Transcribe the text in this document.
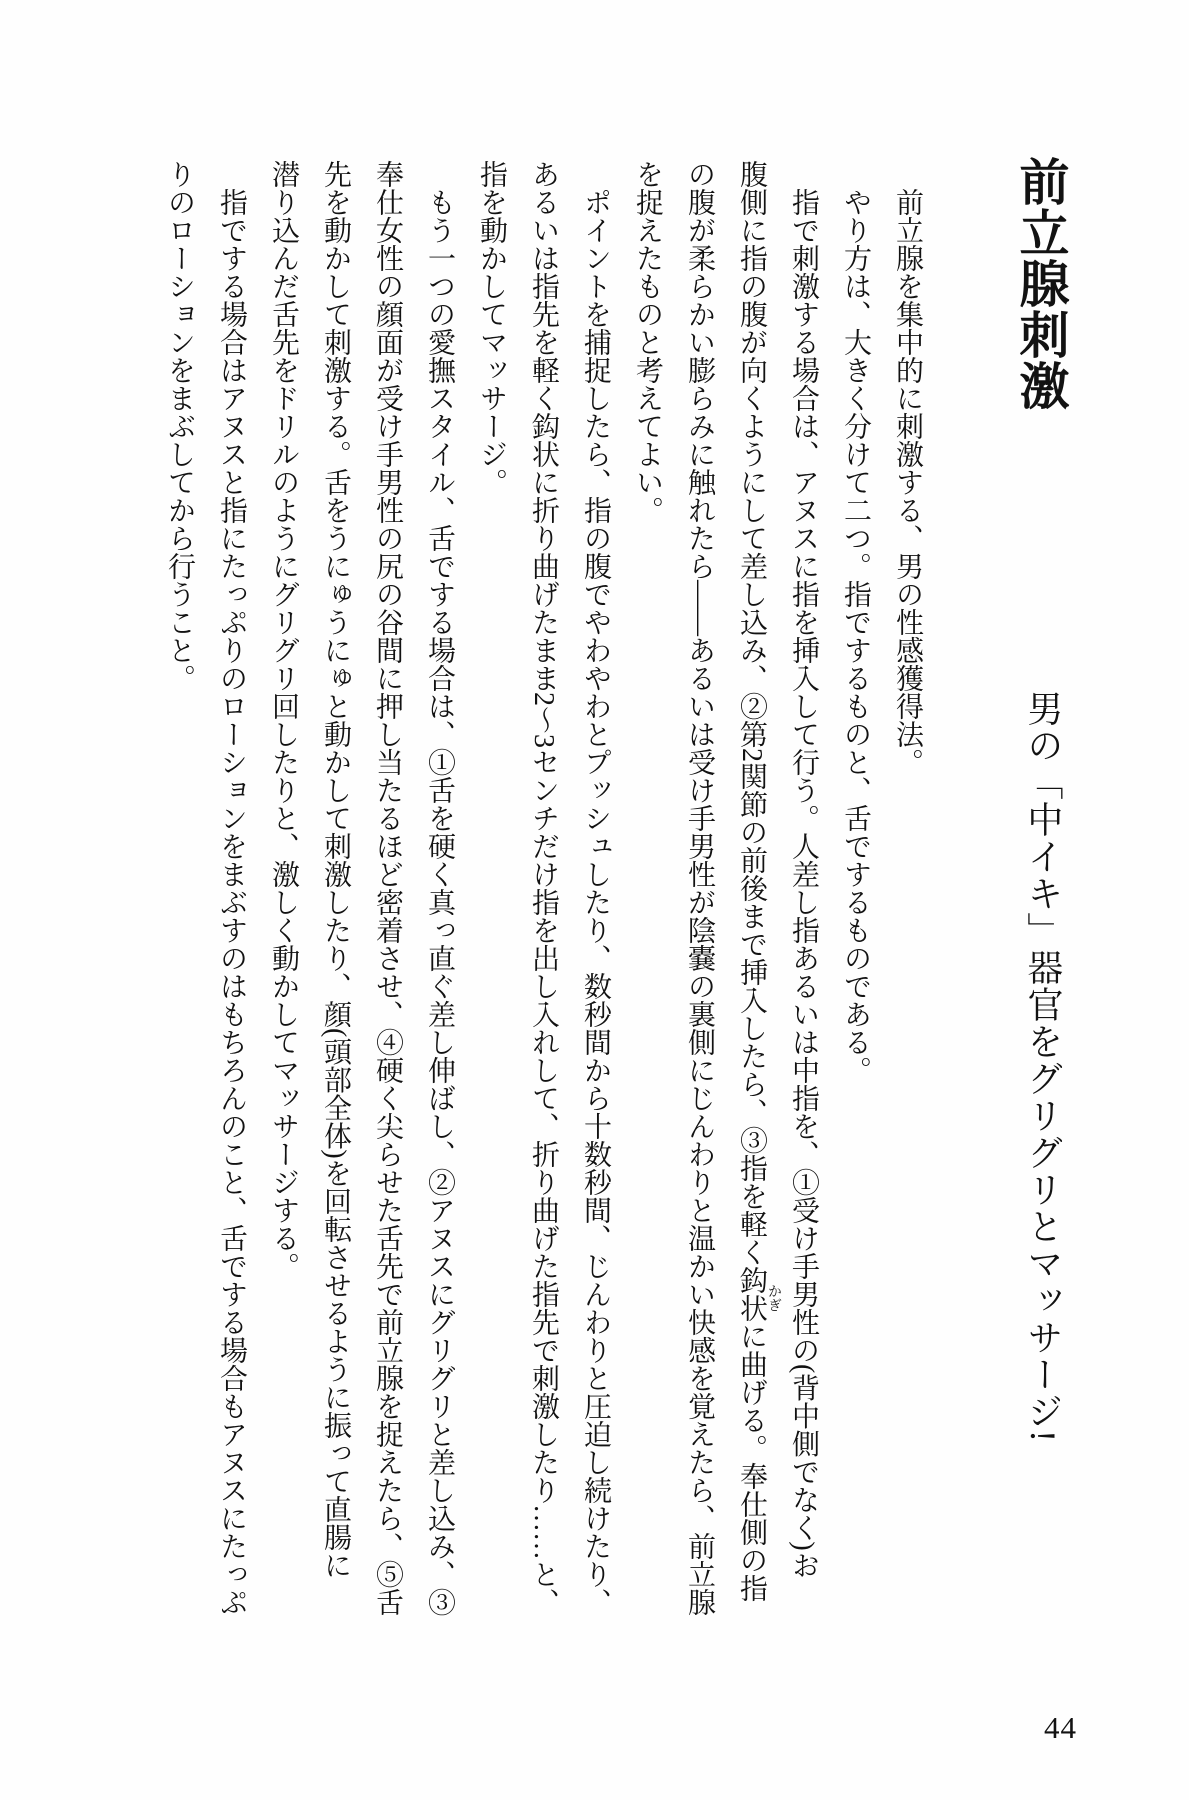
前立腺刺激
男の「中イキ」器官をグリグリとマッサージ!
　前立腺を集中的に刺激する、男の性感獲得法。
　やり方は、大きく分けて二つ。指でするものと、舌でするものである。
　指で刺激する場合は、アヌスに指を挿入して行う。人差し指あるいは中指を、①受け手男性の(背中側でなく)お
腹側に指の腹が向くようにして差し込み、②第2関節の前後まで挿入したら、③指を軽く鈎状に曲げる。奉仕側の指
の腹が柔らかい膨らみに触れたら――あるいは受け手男性が陰嚢の裏側にじんわりと温かい快感を覚えたら、前立腺
を捉えたものと考えてよい。
　ポイントを捕捉したら、指の腹でやわやわとプッシュしたり、数秒間から十数秒間、じんわりと圧迫し続けたり、
あるいは指先を軽く鈎状に折り曲げたまま2〜3センチだけ指を出し入れして、折り曲げた指先で刺激したり……と、
指を動かしてマッサージ。
　もう一つの愛撫スタイル、舌でする場合は、①舌を硬く真っ直ぐ差し伸ばし、②アヌスにグリグリと差し込み、③
奉仕女性の顔面が受け手男性の尻の谷間に押し当たるほど密着させ、④硬く尖らせた舌先で前立腺を捉えたら、⑤舌
先を動かして刺激する。舌をうにゅうにゅと動かして刺激したり、顔(頭部全体)を回転させるように振って直腸に
潜り込んだ舌先をドリルのようにグリグリ回したりと、激しく動かしてマッサージする。
　指でする場合はアヌスと指にたっぷりのローションをまぶすのはもちろんのこと、舌でする場合もアヌスにたっぷ
りのローションをまぶしてから行うこと。
かぎ
44
